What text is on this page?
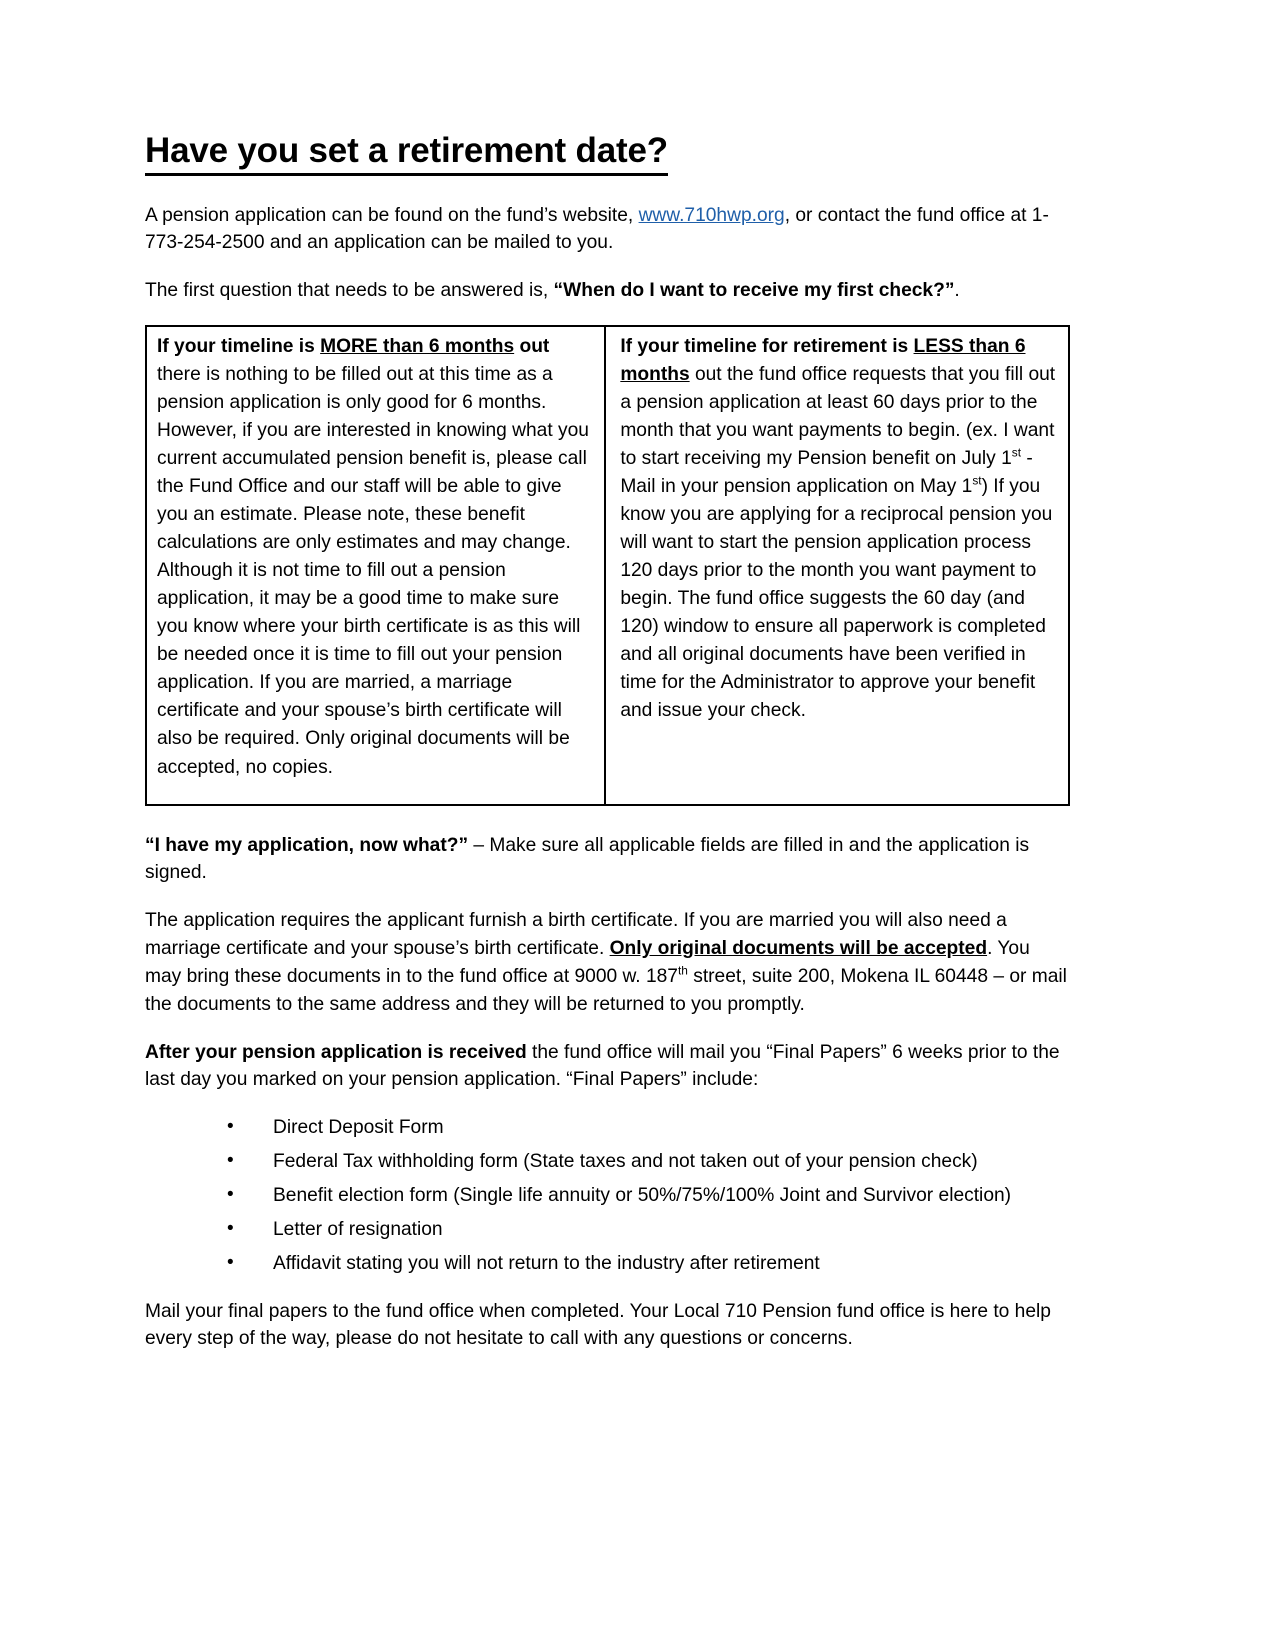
Have you set a retirement date?

A pension application can be found on the fund’s website, www.710hwp.org, or contact the fund office at 1-773-254-2500 and an application can be mailed to you.

The first question that needs to be answered is, “When do I want to receive my first check?”.

If your timeline is MORE than 6 months out there is nothing to be filled out at this time as a pension application is only good for 6 months. However, if you are interested in knowing what you current accumulated pension benefit is, please call the Fund Office and our staff will be able to give you an estimate. Please note, these benefit calculations are only estimates and may change. Although it is not time to fill out a pension application, it may be a good time to make sure you know where your birth certificate is as this will be needed once it is time to fill out your pension application. If you are married, a marriage certificate and your spouse’s birth certificate will also be required. Only original documents will be accepted, no copies.	If your timeline for retirement is LESS than 6 months out the fund office requests that you fill out a pension application at least 60 days prior to the month that you want payments to begin. (ex. I want to start receiving my Pension benefit on July 1st - Mail in your pension application on May 1st) If you know you are applying for a reciprocal pension you will want to start the pension application process 120 days prior to the month you want payment to begin. The fund office suggests the 60 day (and 120) window to ensure all paperwork is completed and all original documents have been verified in time for the Administrator to approve your benefit and issue your check.

“I have my application, now what?” – Make sure all applicable fields are filled in and the application is signed.

The application requires the applicant furnish a birth certificate. If you are married you will also need a marriage certificate and your spouse’s birth certificate. Only original documents will be accepted. You may bring these documents in to the fund office at 9000 w. 187th street, suite 200, Mokena IL 60448 – or mail the documents to the same address and they will be returned to you promptly.

After your pension application is received the fund office will mail you “Final Papers” 6 weeks prior to the last day you marked on your pension application. “Final Papers” include:

• Direct Deposit Form
• Federal Tax withholding form (State taxes and not taken out of your pension check)
• Benefit election form (Single life annuity or 50%/75%/100% Joint and Survivor election)
• Letter of resignation
• Affidavit stating you will not return to the industry after retirement

Mail your final papers to the fund office when completed. Your Local 710 Pension fund office is here to help every step of the way, please do not hesitate to call with any questions or concerns.
